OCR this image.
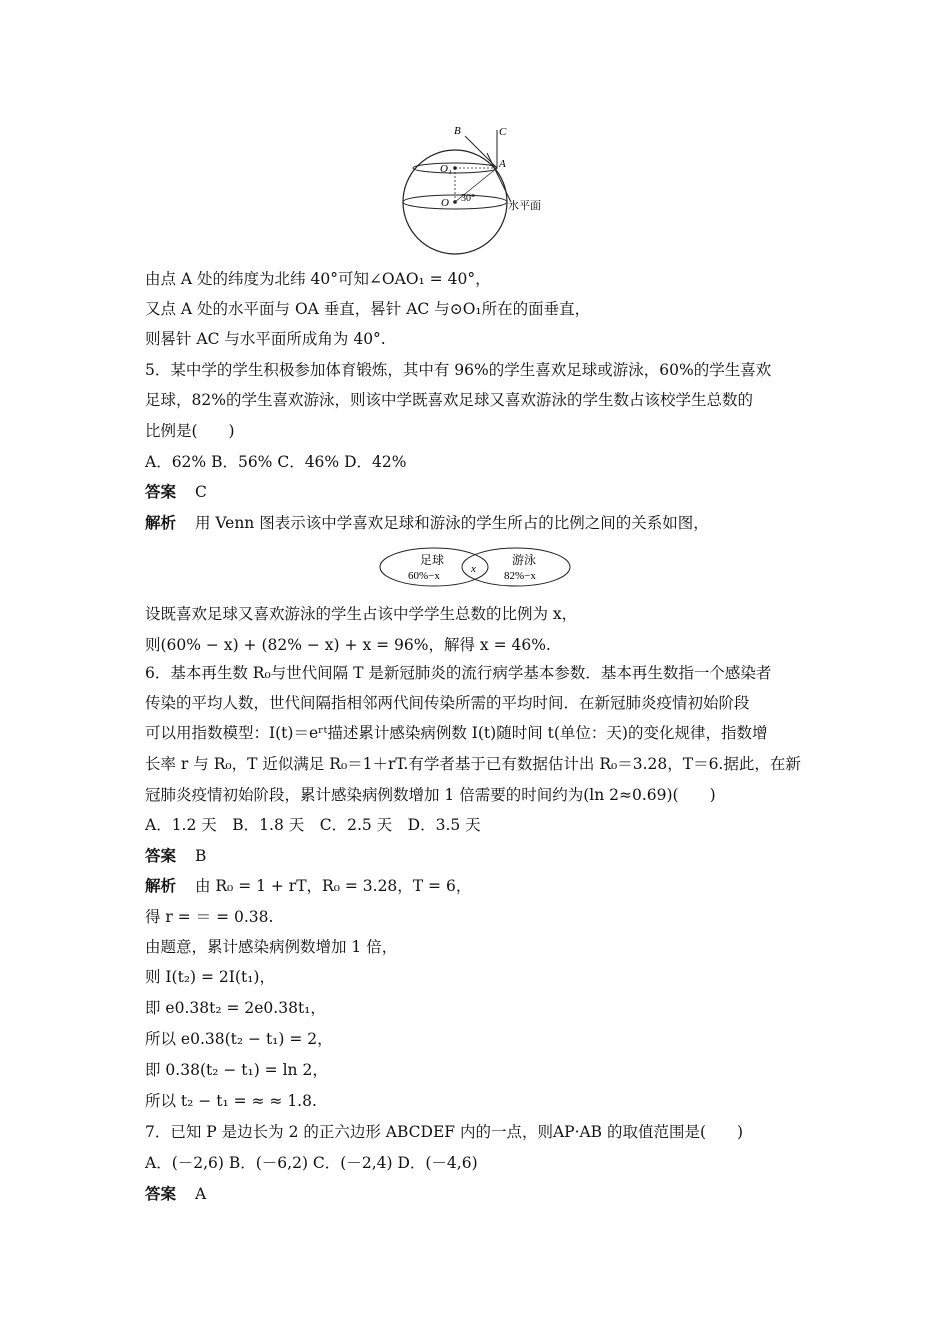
B	C
A
O₁
O 30°
水平面
由点 A 处的纬度为北纬 40°可知∠OAO₁ = 40°，
又点 A 处的水平面与 OA 垂直，晷针 AC 与⊙O₁所在的面垂直，
则晷针 AC 与水平面所成角为 40°.
5．某中学的学生积极参加体育锻炼，其中有 96%的学生喜欢足球或游泳，60%的学生喜欢
足球，82%的学生喜欢游泳，则该中学既喜欢足球又喜欢游泳的学生数占该校学生总数的
比例是(　　)
A．62% B．56% C．46% D．42%
答案 C
解析 用 Venn 图表示该中学喜欢足球和游泳的学生所占的比例之间的关系如图，
足球
60%−x
x
游泳
82%−x
设既喜欢足球又喜欢游泳的学生占该中学学生总数的比例为 x，
则(60% − x) + (82% − x) + x = 96%，解得 x = 46%.
6．基本再生数 R₀与世代间隔 T 是新冠肺炎的流行病学基本参数．基本再生数指一个感染者
传染的平均人数，世代间隔指相邻两代间传染所需的平均时间．在新冠肺炎疫情初始阶段
可以用指数模型：I(t)＝eʳᵗ描述累计感染病例数 I(t)随时间 t(单位：天)的变化规律，指数增
长率 r 与 R₀，T 近似满足 R₀＝1＋rT.有学者基于已有数据估计出 R₀＝3.28，T＝6.据此，在新
冠肺炎疫情初始阶段，累计感染病例数增加 1 倍需要的时间约为(ln 2≈0.69)(　　)
A．1.2 天　B．1.8 天　C．2.5 天　D．3.5 天
答案 B
解析 由 R₀ = 1 + rT，R₀ = 3.28，T = 6，
得 r = ＝ = 0.38.
由题意，累计感染病例数增加 1 倍，
则 I(t₂) = 2I(t₁)，
即 e0.38t₂ = 2e0.38t₁，
所以 e0.38(t₂ − t₁) = 2，
即 0.38(t₂ − t₁) = ln 2，
所以 t₂ − t₁ = ≈ ≈ 1.8.
7．已知 P 是边长为 2 的正六边形 ABCDEF 内的一点，则AP·AB 的取值范围是(　　)
A．(－2,6) B．(－6,2) C．(－2,4) D．(－4,6)
答案 A
